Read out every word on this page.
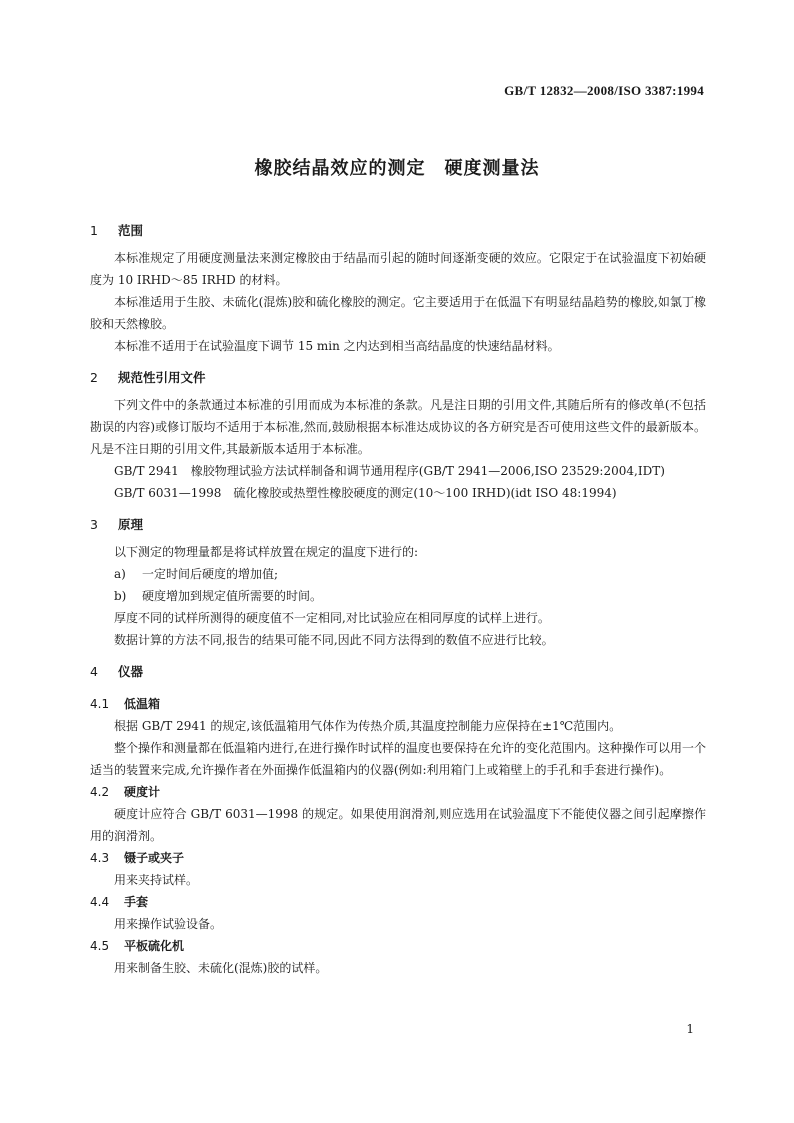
GB/T 12832—2008/ISO 3387:1994
橡胶结晶效应的测定　硬度测量法
1 范围

本标准规定了用硬度测量法来测定橡胶由于结晶而引起的随时间逐渐变硬的效应。它限定于在试验温度下初始硬度为 10 IRHD～85 IRHD 的材料。

本标准适用于生胶、未硫化(混炼)胶和硫化橡胶的测定。它主要适用于在低温下有明显结晶趋势的橡胶,如氯丁橡胶和天然橡胶。

本标准不适用于在试验温度下调节 15 min 之内达到相当高结晶度的快速结晶材料。

2 规范性引用文件

下列文件中的条款通过本标准的引用而成为本标准的条款。凡是注日期的引用文件,其随后所有的修改单(不包括勘误的内容)或修订版均不适用于本标准,然而,鼓励根据本标准达成协议的各方研究是否可使用这些文件的最新版本。凡是不注日期的引用文件,其最新版本适用于本标准。

GB/T 2941　橡胶物理试验方法试样制备和调节通用程序(GB/T 2941—2006,ISO 23529:2004,IDT)

GB/T 6031—1998　硫化橡胶或热塑性橡胶硬度的测定(10～100 IRHD)(idt ISO 48:1994)

3 原理

以下测定的物理量都是将试样放置在规定的温度下进行的:

a) 一定时间后硬度的增加值;

b) 硬度增加到规定值所需要的时间。

厚度不同的试样所测得的硬度值不一定相同,对比试验应在相同厚度的试样上进行。

数据计算的方法不同,报告的结果可能不同,因此不同方法得到的数值不应进行比较。

4 仪器
4.1 低温箱

根据 GB/T 2941 的规定,该低温箱用气体作为传热介质,其温度控制能力应保持在±1℃范围内。

整个操作和测量都在低温箱内进行,在进行操作时试样的温度也要保持在允许的变化范围内。这种操作可以用一个适当的装置来完成,允许操作者在外面操作低温箱内的仪器(例如:利用箱门上或箱壁上的手孔和手套进行操作)。

4.2 硬度计

硬度计应符合 GB/T 6031—1998 的规定。如果使用润滑剂,则应选用在试验温度下不能使仪器之间引起摩擦作用的润滑剂。

4.3 镊子或夹子

用来夹持试样。

4.4 手套

用来操作试验设备。

4.5 平板硫化机

用来制备生胶、未硫化(混炼)胶的试样。

1
